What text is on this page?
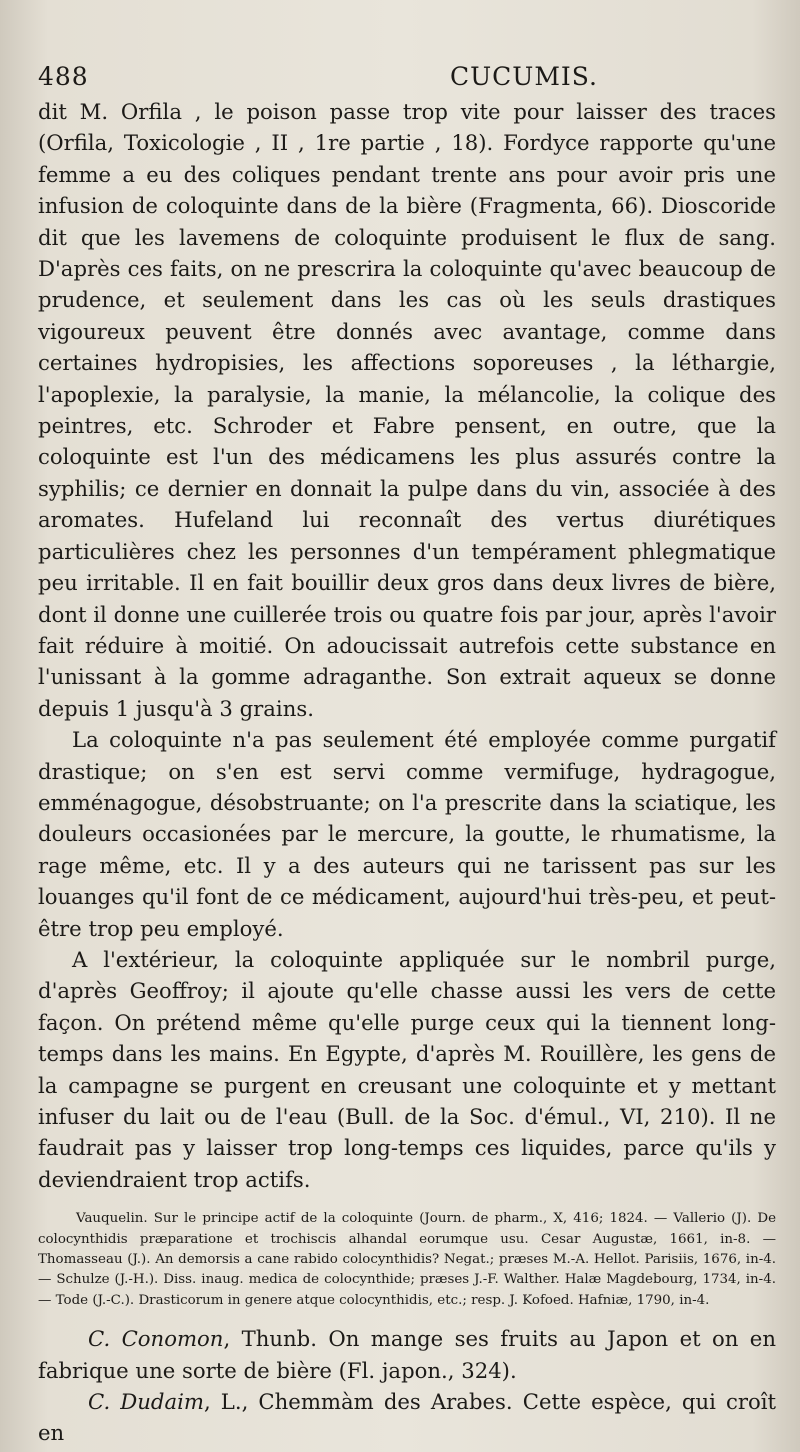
488	CUCUMIS.

dit M. Orfila , le poison passe trop vite pour laisser des traces (Orfila, Toxicologie , II , 1re partie , 18). Fordyce rapporte qu'une femme a eu des coliques pendant trente ans pour avoir pris une infusion de coloquinte dans de la bière (Fragmenta, 66). Dioscoride dit que les lavemens de coloquinte produisent le flux de sang. D'après ces faits, on ne prescrira la coloquinte qu'avec beaucoup de prudence, et seulement dans les cas où les seuls drastiques vigoureux peuvent être donnés avec avantage, comme dans certaines hydropisies, les affections soporeuses , la léthargie, l'apoplexie, la paralysie, la manie, la mélancolie, la colique des peintres, etc. Schroder et Fabre pensent, en outre, que la coloquinte est l'un des médicamens les plus assurés contre la syphilis; ce dernier en donnait la pulpe dans du vin, associée à des aromates. Hufeland lui reconnaît des vertus diurétiques particulières chez les personnes d'un tempérament phlegmatique peu irritable. Il en fait bouillir deux gros dans deux livres de bière, dont il donne une cuillerée trois ou quatre fois par jour, après l'avoir fait réduire à moitié. On adoucissait autrefois cette substance en l'unissant à la gomme adraganthe. Son extrait aqueux se donne depuis 1 jusqu'à 3 grains.

La coloquinte n'a pas seulement été employée comme purgatif drastique; on s'en est servi comme vermifuge, hydragogue, emménagogue, désobstruante; on l'a prescrite dans la sciatique, les douleurs occasionées par le mercure, la goutte, le rhumatisme, la rage même, etc. Il y a des auteurs qui ne tarissent pas sur les louanges qu'il font de ce médicament, aujourd'hui très-peu, et peut-être trop peu employé.

A l'extérieur, la coloquinte appliquée sur le nombril purge, d'après Geoffroy; il ajoute qu'elle chasse aussi les vers de cette façon. On prétend même qu'elle purge ceux qui la tiennent long-temps dans les mains. En Egypte, d'après M. Rouillère, les gens de la campagne se purgent en creusant une coloquinte et y mettant infuser du lait ou de l'eau (Bull. de la Soc. d'émul., VI, 210). Il ne faudrait pas y laisser trop long-temps ces liquides, parce qu'ils y deviendraient trop actifs.

Vauquelin. Sur le principe actif de la coloquinte (Journ. de pharm., X, 416; 1824. — Vallerio (J). De colocynthidis præparatione et trochiscis alhandal eorumque usu. Cesar Augustæ, 1661, in-8. — Thomasseau (J.). An demorsis a cane rabido colocynthidis? Negat.; præses M.-A. Hellot. Parisiis, 1676, in-4. — Schulze (J.-H.). Diss. inaug. medica de colocynthide; præses J.-F. Walther. Halæ Magdebourg, 1734, in-4. — Tode (J.-C.). Drasticorum in genere atque colocynthidis, etc.; resp. J. Kofoed. Hafniæ, 1790, in-4.

C. Conomon, Thunb. On mange ses fruits au Japon et on en fabrique une sorte de bière (Fl. japon., 324).

C. Dudaim, L., Chemmàm des Arabes. Cette espèce, qui croît en
